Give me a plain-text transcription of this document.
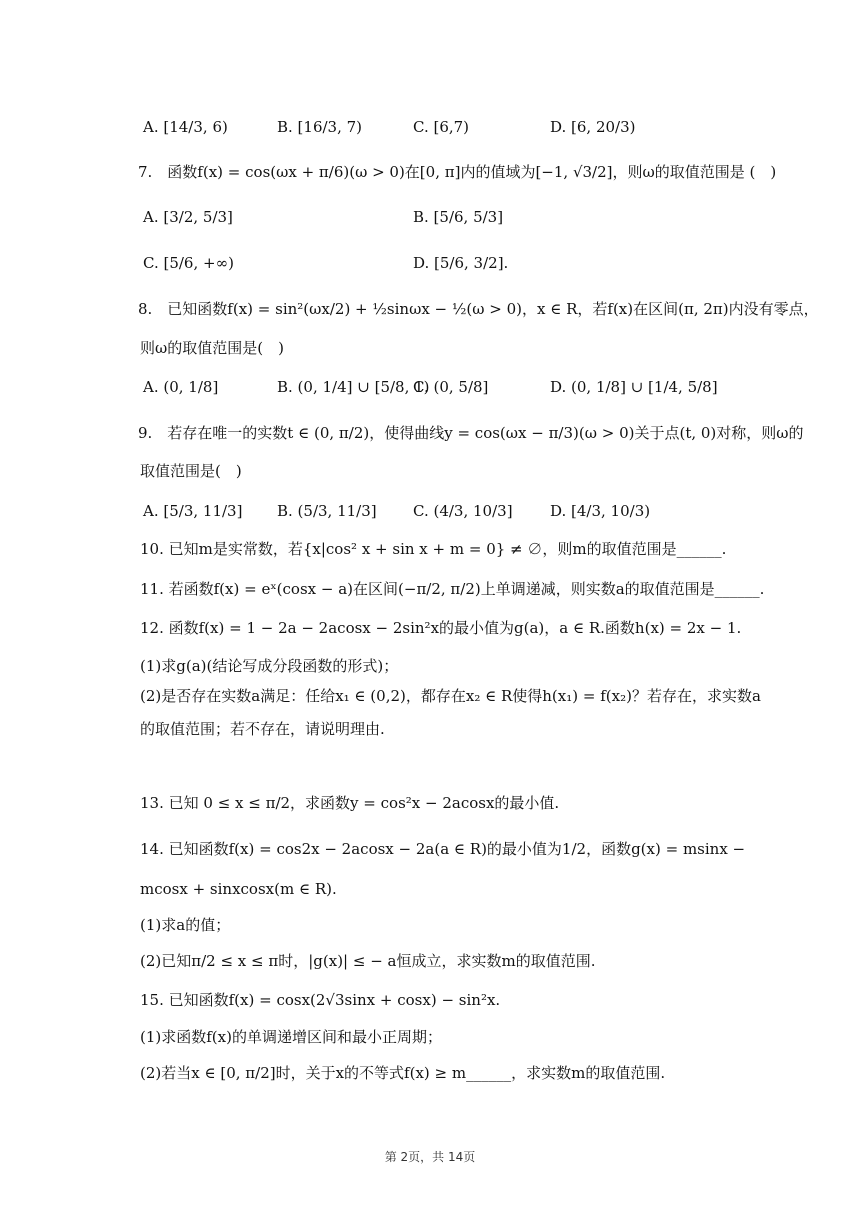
A. [14/3, 6)	B. [16/3, 7)	C. [6,7)	D. [6, 20/3)
7.　函数f(x) = cos(ωx + π/6)(ω > 0)在[0, π]内的值域为[−1, √3/2]，则ω的取值范围是 (　)
A. [3/2, 5/3]	B. [5/6, 5/3]
C. [5/6, +∞)	D. [5/6, 3/2].
8.　已知函数f(x) = sin²(ωx/2) + ½sinωx − ½(ω > 0)，x ∈ R，若f(x)在区间(π, 2π)内没有零点，
则ω的取值范围是(　)
A. (0, 1/8]	B. (0, 1/4] ∪ [5/8, 1)
C. (0, 5/8]	D. (0, 1/8] ∪ [1/4, 5/8]
9.　若存在唯一的实数t ∈ (0, π/2)，使得曲线y = cos(ωx − π/3)(ω > 0)关于点(t, 0)对称，则ω的
取值范围是(　)
A. [5/3, 11/3] B. (5/3, 11/3] C. (4/3, 10/3] D. [4/3, 10/3)
10. 已知m是实常数，若{x|cos² x + sin x + m = 0} ≠ ∅，则m的取值范围是______.
11. 若函数f(x) = eˣ(cosx − a)在区间(−π/2, π/2)上单调递减，则实数a的取值范围是______.
12. 函数f(x) = 1 − 2a − 2acosx − 2sin²x的最小值为g(a)，a ∈ R.函数h(x) = 2x − 1.
(1)求g(a)(结论写成分段函数的形式)；
(2)是否存在实数a满足：任给x₁ ∈ (0,2)，都存在x₂ ∈ R使得h(x₁) = f(x₂)？若存在，求实数a
的取值范围；若不存在，请说明理由.
13. 已知 0 ≤ x ≤ π/2，求函数y = cos²x − 2acosx的最小值.
14. 已知函数f(x) = cos2x − 2acosx − 2a(a ∈ R)的最小值为1/2，函数g(x) = msinx −
mcosx + sinxcosx(m ∈ R).
(1)求a的值；
(2)已知π/2 ≤ x ≤ π时，|g(x)| ≤ − a恒成立，求实数m的取值范围.
15. 已知函数f(x) = cosx(2√3sinx + cosx) − sin²x.
(1)求函数f(x)的单调递增区间和最小正周期；
(2)若当x ∈ [0, π/2]时，关于x的不等式f(x) ≥ m______，求实数m的取值范围.
第 2页，共 14页
